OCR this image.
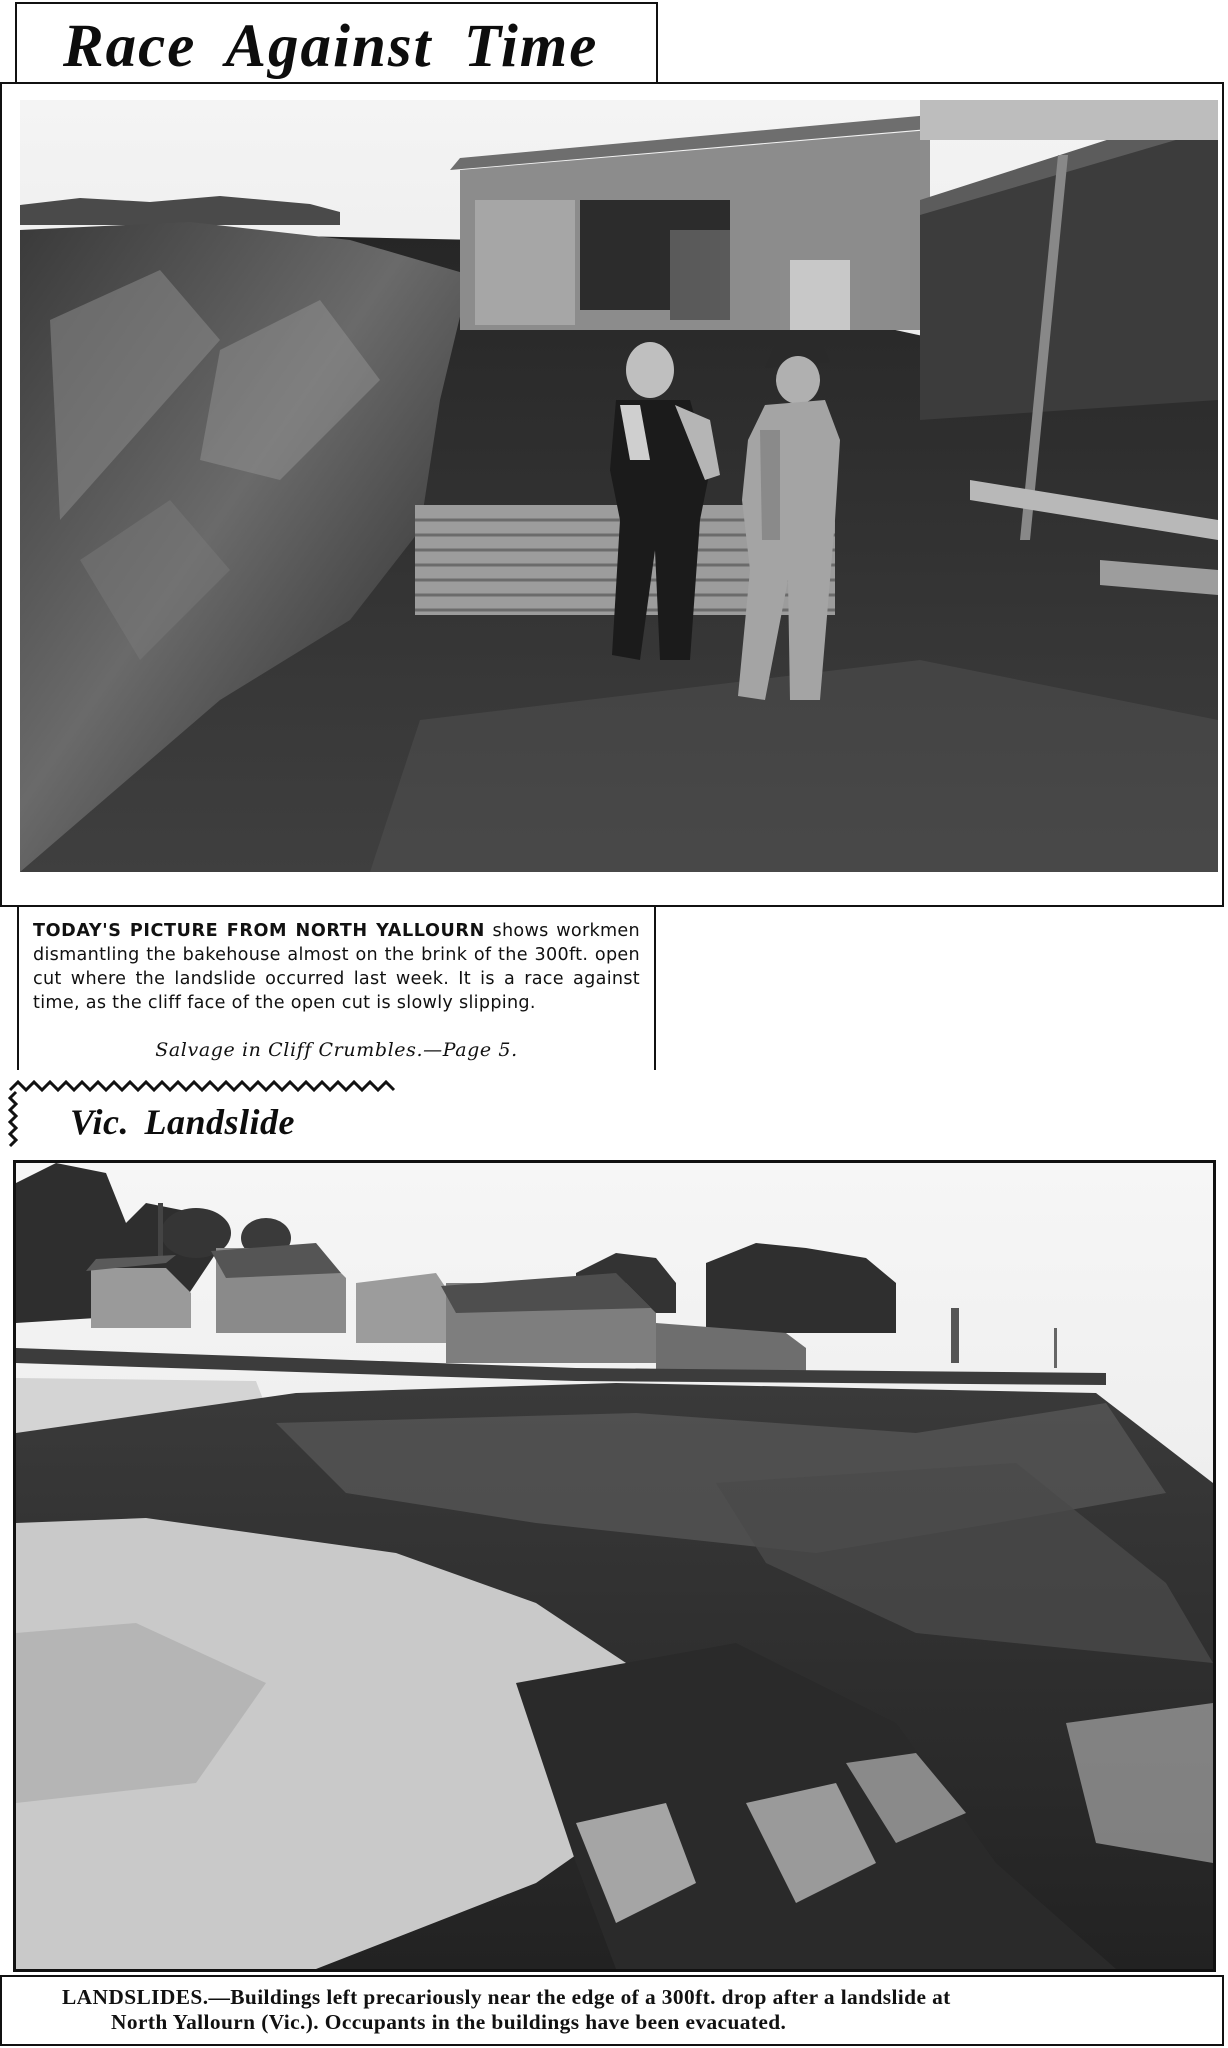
Race Against Time
TODAY'S PICTURE FROM NORTH YALLOURN shows workmen dismantling the bakehouse almost on the brink of the 300ft. open cut where the landslide occurred last week. It is a race against time, as the cliff face of the open cut is slowly slipping.
Salvage in Cliff Crumbles.—Page 5.
Vic. Landslide
LANDSLIDES.—Buildings left precariously near the edge of a 300ft. drop after a landslide at
North Yallourn (Vic.). Occupants in the buildings have been evacuated.
